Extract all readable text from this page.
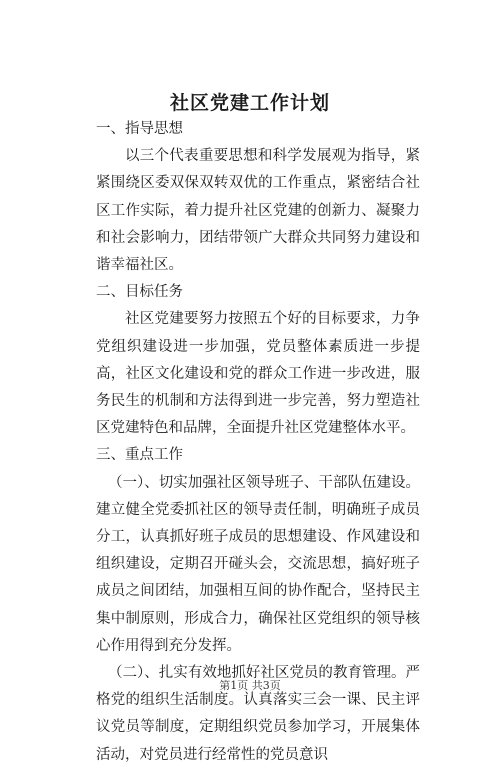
社区党建工作计划

一、指导思想

以三个代表重要思想和科学发展观为指导，紧紧围绕区委双保双转双优的工作重点，紧密结合社区工作实际，着力提升社区党建的创新力、凝聚力和社会影响力，团结带领广大群众共同努力建设和谐幸福社区。

二、目标任务

社区党建要努力按照五个好的目标要求，力争党组织建设进一步加强，党员整体素质进一步提高，社区文化建设和党的群众工作进一步改进，服务民生的机制和方法得到进一步完善，努力塑造社区党建特色和品牌，全面提升社区党建整体水平。

三、重点工作

（一）、切实加强社区领导班子、干部队伍建设。建立健全党委抓社区的领导责任制，明确班子成员分工，认真抓好班子成员的思想建设、作风建设和组织建设，定期召开碰头会，交流思想，搞好班子成员之间团结，加强相互间的协作配合，坚持民主集中制原则，形成合力，确保社区党组织的领导核心作用得到充分发挥。

（二）、扎实有效地抓好社区党员的教育管理。严格党的组织生活制度。认真落实三会一课、民主评议党员等制度，定期组织党员参加学习，开展集体活动，对党员进行经常性的党员意识

第1页 共3页
